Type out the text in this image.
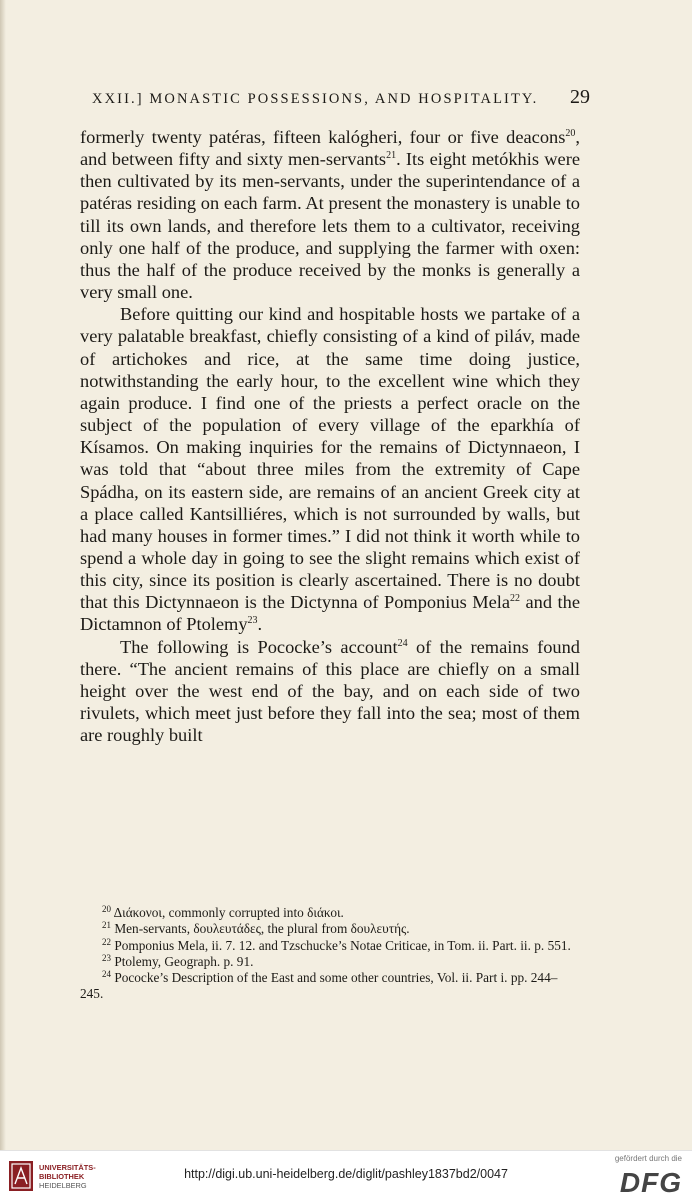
XXII.] MONASTIC POSSESSIONS, AND HOSPITALITY. 29

formerly twenty patéras, fifteen kalógheri, four or five deacons$^{20}$, and between fifty and sixty men-servants$^{21}$. Its eight metókhis were then cultivated by its men-servants, under the superintendance of a patéras residing on each farm. At present the monastery is unable to till its own lands, and therefore lets them to a cultivator, receiving only one half of the produce, and supplying the farmer with oxen: thus the half of the produce received by the monks is generally a very small one.

Before quitting our kind and hospitable hosts we partake of a very palatable breakfast, chiefly consisting of a kind of piláv, made of artichokes and rice, at the same time doing justice, notwithstanding the early hour, to the excellent wine which they again produce. I find one of the priests a perfect oracle on the subject of the population of every village of the eparkhía of Kísamos. On making inquiries for the remains of Dictynnaeon, I was told that “about three miles from the extremity of Cape Spádha, on its eastern side, are remains of an ancient Greek city at a place called Kantsilliéres, which is not surrounded by walls, but had many houses in former times.” I did not think it worth while to spend a whole day in going to see the slight remains which exist of this city, since its position is clearly ascertained. There is no doubt that this Dictynnaeon is the Dictynna of Pomponius Mela$^{22}$ and the Dictamnon of Ptolemy$^{23}$.

The following is Pococke’s account$^{24}$ of the remains found there. “The ancient remains of this place are chiefly on a small height over the west end of the bay, and on each side of two rivulets, which meet just before they fall into the sea; most of them are roughly built

$^{20}$ Διάκονοι, commonly corrupted into διάκοι.
$^{21}$ Men-servants, δουλευτάδες, the plural from δουλευτής.
$^{22}$ Pomponius Mela, ii. 7. 12. and Tzschucke’s Notae Criticae, in Tom. ii. Part. ii. p. 551.
$^{23}$ Ptolemy, Geograph. p. 91.
$^{24}$ Pococke’s Description of the East and some other countries, Vol. ii. Part i. pp. 244–245.
UNIVERSITÄTS-
BIBLIOTHEK
HEIDELBERG
http://digi.ub.uni-heidelberg.de/diglit/pashley1837bd2/0047
gefördert durch die
DFG
